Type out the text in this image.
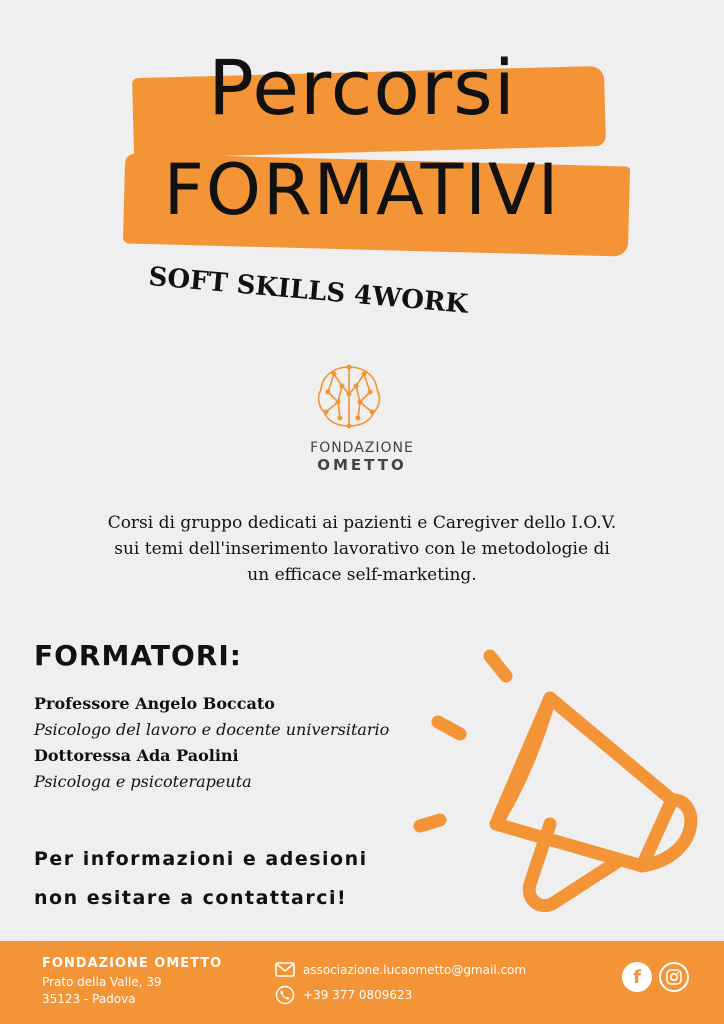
Percorsi
FORMATIVI
SOFT SKILLS 4WORK
FONDAZIONE
OMETTO
Corsi di gruppo dedicati ai pazienti e Caregiver dello I.O.V.
sui temi dell'inserimento lavorativo con le metodologie di
un efficace self-marketing.
FORMATORI:
Professore Angelo Boccato
Psicologo del lavoro e docente universitario
Dottoressa Ada Paolini
Psicologa e psicoterapeuta
Per informazioni e adesioni
non esitare a contattarci!
FONDAZIONE OMETTO
Prato della Valle, 39
35123 - Padova
associazione.lucaometto@gmail.com
+39 377 0809623
f
